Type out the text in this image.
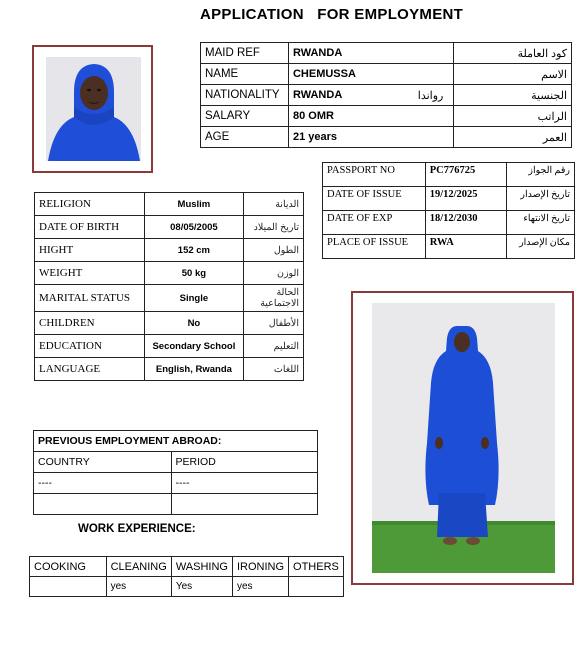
APPLICATION   FOR EMPLOYMENT
MAID REF	RWANDA	كود العاملة
NAME	CHEMUSSA	الاسم
NATIONALITY	RWANDA رواندا	الجنسية
SALARY	80 OMR	الراتب
AGE	21 years	العمر
PASSPORT NO	PC776725	رقم الجواز
DATE OF ISSUE	19/12/2025	تاريخ الإصدار
DATE OF EXP	18/12/2030	تاريخ الانتهاء
PLACE OF ISSUE	RWA	مكان الإصدار
RELIGION	Muslim	الديانة
DATE OF BIRTH	08/05/2005	تاريخ الميلاد
HIGHT	152 cm	الطول
WEIGHT	50 kg	الوزن
MARITAL STATUS	Single	الحالة الاجتماعية
CHILDREN	No	الأطفال
EDUCATION	Secondary School	التعليم
LANGUAGE	English, Rwanda	اللغات
PREVIOUS EMPLOYMENT ABROAD:	
COUNTRY	PERIOD
----	----

WORK EXPERIENCE:
COOKING	CLEANING	WASHING	IRONING	OTHERS
	yes	Yes	yes	
